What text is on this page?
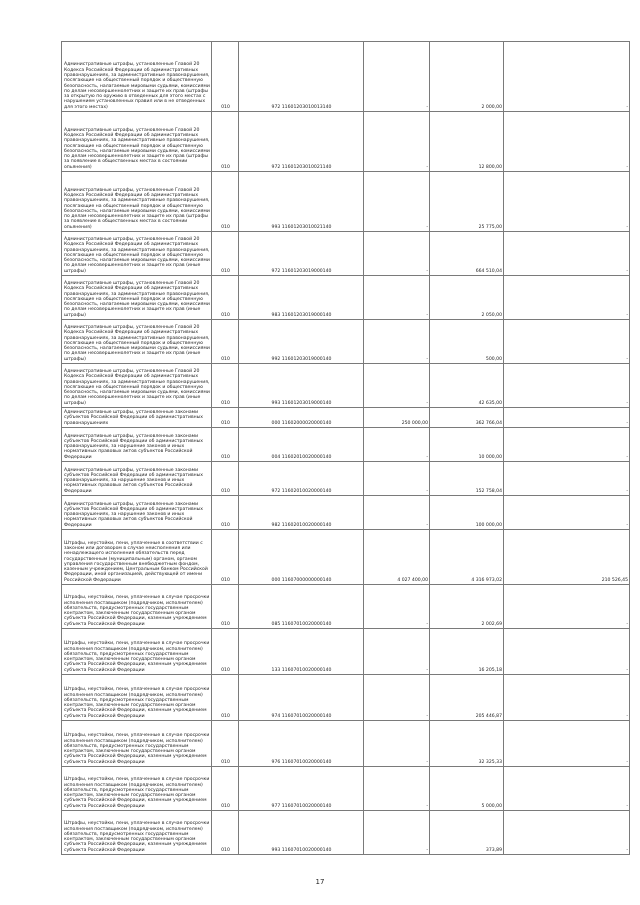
Административные штрафы, установленные Главой 20 Кодекса Российской Федерации об административных правонарушениях, за административные правонарушения, посягающие на общественный порядок и общественную безопасность, налагаемые мировыми судьями, комиссиями по делам несовершеннолетних и защите их прав (штрафы за открытую по оружию в отведенных для этого местах с нарушением установленных правил или в не отведенных для этого местах)	010	972 11601203010013140	-	2 000,00	-
Административные штрафы, установленные Главой 20 Кодекса Российской Федерации об административных правонарушениях, за административные правонарушения, посягающие на общественный порядок и общественную безопасность, налагаемые мировыми судьями, комиссиями по делам несовершеннолетних и защите их прав (штрафы за появление в общественных местах в состоянии опьянения)	010	972 11601203010021140	-	12 800,00	-
Административные штрафы, установленные Главой 20 Кодекса Российской Федерации об административных правонарушениях, за административные правонарушения, посягающие на общественный порядок и общественную безопасность, налагаемые мировыми судьями, комиссиями по делам несовершеннолетних и защите их прав (штрафы за появление в общественных местах в состоянии опьянения)	010	993 11601203010021140	-	25 775,00	-
Административные штрафы, установленные Главой 20 Кодекса Российской Федерации об административных правонарушениях, за административные правонарушения, посягающие на общественный порядок и общественную безопасность, налагаемые мировыми судьями, комиссиями по делам несовершеннолетних и защите их прав (иные штрафы)	010	972 11601203019000140	-	664 510,04	-
Административные штрафы, установленные Главой 20 Кодекса Российской Федерации об административных правонарушениях, за административные правонарушения, посягающие на общественный порядок и общественную безопасность, налагаемые мировыми судьями, комиссиями по делам несовершеннолетних и защите их прав (иные штрафы)	010	983 11601203019000140	-	2 050,00	-
Административные штрафы, установленные Главой 20 Кодекса Российской Федерации об административных правонарушениях, за административные правонарушения, посягающие на общественный порядок и общественную безопасность, налагаемые мировыми судьями, комиссиями по делам несовершеннолетних и защите их прав (иные штрафы)	010	992 11601203019000140	-	500,00	-
Административные штрафы, установленные Главой 20 Кодекса Российской Федерации об административных правонарушениях, за административные правонарушения, посягающие на общественный порядок и общественную безопасность, налагаемые мировыми судьями, комиссиями по делам несовершеннолетних и защите их прав (иные штрафы)	010	993 11601203019000140	-	42 635,00	-
Административные штрафы, установленные законами субъектов Российской Федерации об административных правонарушениях	010	000 11602000020000140	250 000,00	362 766,04	-
Административные штрафы, установленные законами субъектов Российской Федерации об административных правонарушениях, за нарушение законов и иных нормативных правовых актов субъектов Российской Федерации	010	004 11602010020000140	-	10 000,00	-
Административные штрафы, установленные законами субъектов Российской Федерации об административных правонарушениях, за нарушение законов и иных нормативных правовых актов субъектов Российской Федерации	010	972 11602010020000140	-	152 758,04	-
Административные штрафы, установленные законами субъектов Российской Федерации об административных правонарушениях, за нарушение законов и иных нормативных правовых актов субъектов Российской Федерации	010	982 11602010020000140	-	100 000,00	-
Штрафы, неустойки, пени, уплаченные в соответствии с законом или договором в случае неисполнения или ненадлежащего исполнения обязательств перед государственным (муниципальным) органом, органом управления государственным внебюджетным фондом, казенным учреждением, Центральным банком Российской Федерации, иной организацией, действующей от имени Российской Федерации	010	000 11607000000000140	4 027 400,00	4 316 973,02	210 526,45
Штрафы, неустойки, пени, уплаченные в случае просрочки исполнения поставщиком (подрядчиком, исполнителем) обязательств, предусмотренных государственным контрактом, заключенным государственным органом субъекта Российской Федерации, казенным учреждением субъекта Российской Федерации	010	085 11607010020000140	-	2 002,69	-
Штрафы, неустойки, пени, уплаченные в случае просрочки исполнения поставщиком (подрядчиком, исполнителем) обязательств, предусмотренных государственным контрактом, заключенным государственным органом субъекта Российской Федерации, казенным учреждением субъекта Российской Федерации	010	133 11607010020000140	-	16 205,18	-
Штрафы, неустойки, пени, уплаченные в случае просрочки исполнения поставщиком (подрядчиком, исполнителем) обязательств, предусмотренных государственным контрактом, заключенным государственным органом субъекта Российской Федерации, казенным учреждением субъекта Российской Федерации	010	974 11607010020000140	-	205 446,87	-
Штрафы, неустойки, пени, уплаченные в случае просрочки исполнения поставщиком (подрядчиком, исполнителем) обязательств, предусмотренных государственным контрактом, заключенным государственным органом субъекта Российской Федерации, казенным учреждением субъекта Российской Федерации	010	976 11607010020000140	-	32 325,33	-
Штрафы, неустойки, пени, уплаченные в случае просрочки исполнения поставщиком (подрядчиком, исполнителем) обязательств, предусмотренных государственным контрактом, заключенным государственным органом субъекта Российской Федерации, казенным учреждением субъекта Российской Федерации	010	977 11607010020000140	-	5 000,00	-
Штрафы, неустойки, пени, уплаченные в случае просрочки исполнения поставщиком (подрядчиком, исполнителем) обязательств, предусмотренных государственным контрактом, заключенным государственным органом субъекта Российской Федерации, казенным учреждением субъекта Российской Федерации	010	993 11607010020000140	-	373,89	-
17
